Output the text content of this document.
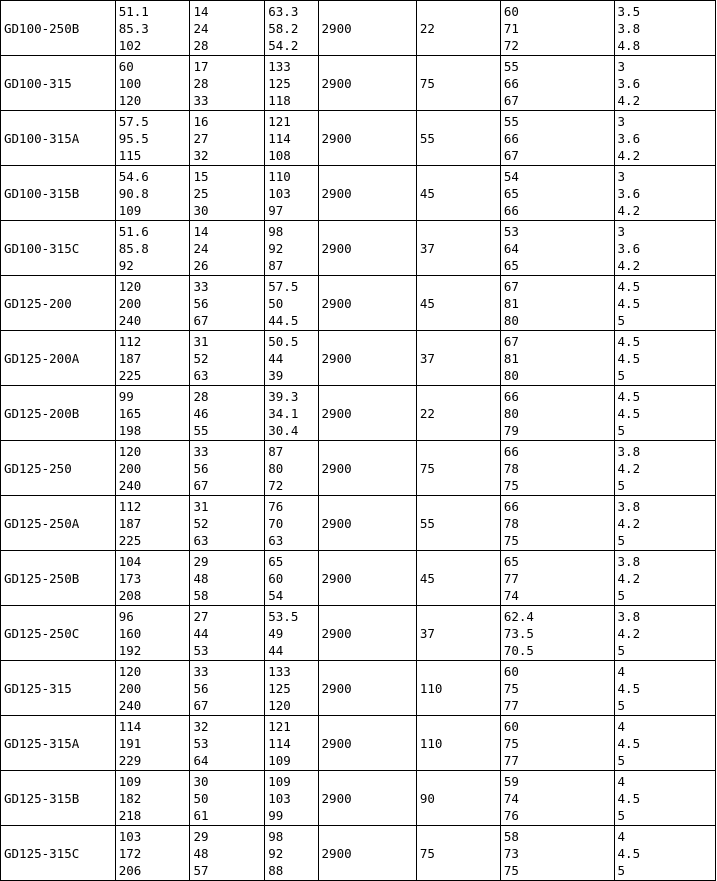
GD100-250B	51.1
85.3
102	14
24
28	63.3
58.2
54.2	2900	22	60
71
72	3.5
3.8
4.8

GD100-315	60
100
120	17
28
33	133
125
118	2900	75	55
66
67	3
3.6
4.2

GD100-315A	57.5
95.5
115	16
27
32	121
114
108	2900	55	55
66
67	3
3.6
4.2

GD100-315B	54.6
90.8
109	15
25
30	110
103
97	2900	45	54
65
66	3
3.6
4.2

GD100-315C	51.6
85.8
92	14
24
26	98
92
87	2900	37	53
64
65	3
3.6
4.2

GD125-200	120
200
240	33
56
67	57.5
50
44.5	2900	45	67
81
80	4.5
4.5
5

GD125-200A	112
187
225	31
52
63	50.5
44
39	2900	37	67
81
80	4.5
4.5
5

GD125-200B	99
165
198	28
46
55	39.3
34.1
30.4	2900	22	66
80
79	4.5
4.5
5

GD125-250	120
200
240	33
56
67	87
80
72	2900	75	66
78
75	3.8
4.2
5

GD125-250A	112
187
225	31
52
63	76
70
63	2900	55	66
78
75	3.8
4.2
5

GD125-250B	104
173
208	29
48
58	65
60
54	2900	45	65
77
74	3.8
4.2
5

GD125-250C	96
160
192	27
44
53	53.5
49
44	2900	37	62.4
73.5
70.5	3.8
4.2
5

GD125-315	120
200
240	33
56
67	133
125
120	2900	110	60
75
77	4
4.5
5

GD125-315A	114
191
229	32
53
64	121
114
109	2900	110	60
75
77	4
4.5
5

GD125-315B	109
182
218	30
50
61	109
103
99	2900	90	59
74
76	4
4.5
5

GD125-315C	103
172
206	29
48
57	98
92
88	2900	75	58
73
75	4
4.5
5
